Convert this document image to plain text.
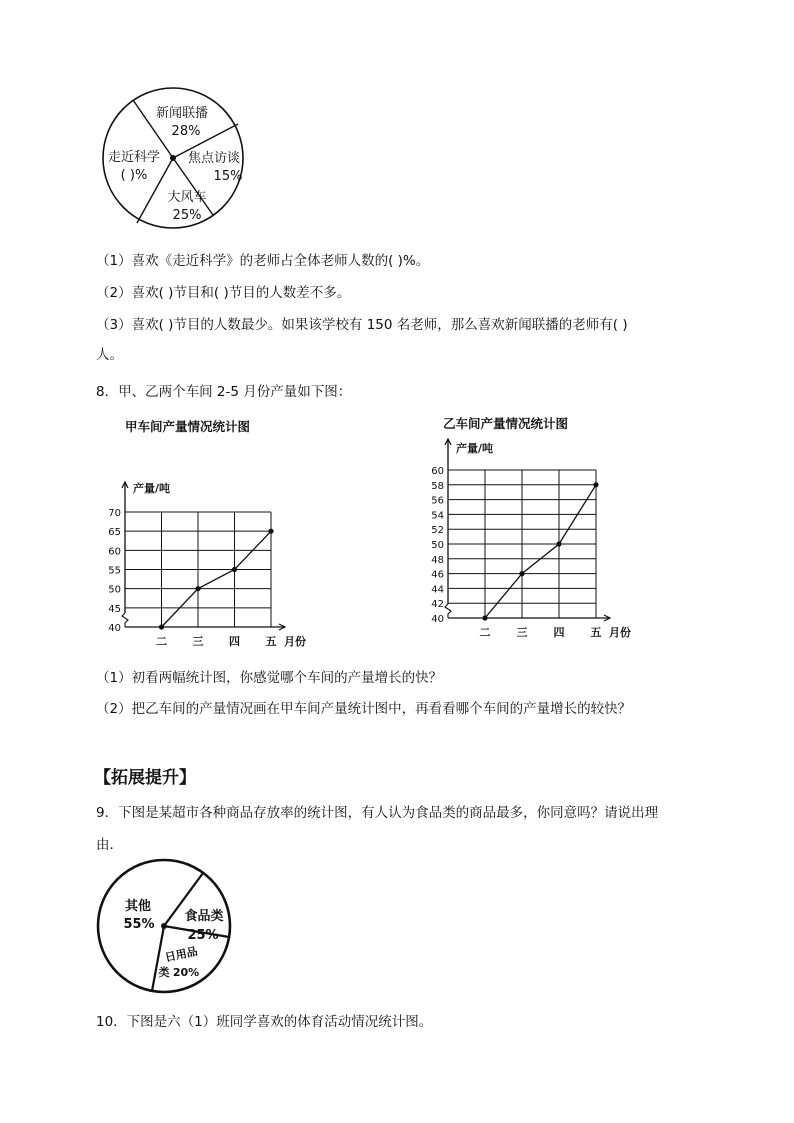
新闻联播
28%
焦点访谈
15%
大风车
25%
走近科学
( )%
（1）喜欢《走近科学》的老师占全体老师人数的( )%。
（2）喜欢( )节目和( )节目的人数差不多。
（3）喜欢( )节目的人数最少。如果该学校有 150 名老师，那么喜欢新闻联播的老师有( )
人。
8．甲、乙两个车间 2-5 月份产量如下图：
甲车间产量情况统计图	乙车间产量情况统计图
40
45
50
55
60
65
70
产量/吨
二 三 四 五 月份
40
42
44
46
48
50
52
54
56
58
60
产量/吨
二 三 四 五 月份
（1）初看两幅统计图，你感觉哪个车间的产量增长的快？
（2）把乙车间的产量情况画在甲车间产量统计图中，再看看哪个车间的产量增长的较快？
【拓展提升】
9．下图是某超市各种商品存放率的统计图，有人认为食品类的商品最多，你同意吗？请说出理
由．
其他
55%
食品类
25%
日用品
类 20%
10．下图是六（1）班同学喜欢的体育活动情况统计图。
